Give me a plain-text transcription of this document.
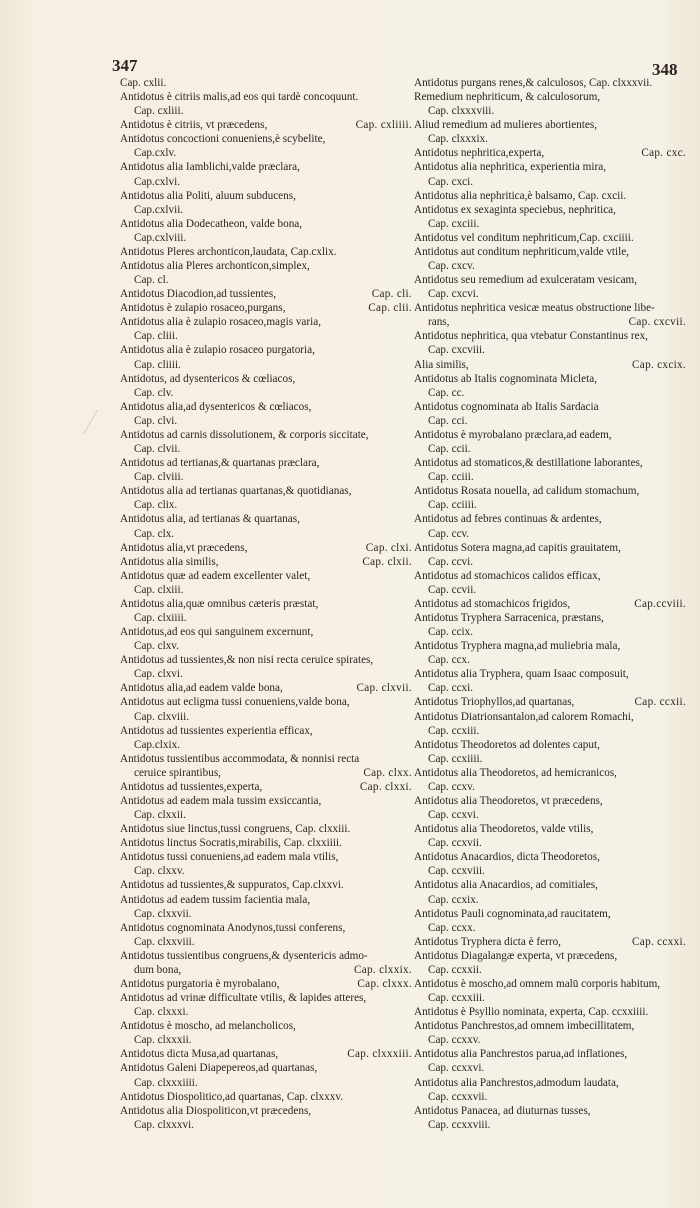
347	348
Cap. cxlii.
Antidotus è citriis malis,ad eos qui tardè concoquunt.
Cap. cxliii.
Antidotus è citriis, vt præcedens,	Cap. cxliiii.
Antidotus concoctioni conueniens,è scybelite,
Cap.cxlv.
Antidotus alia Iamblichi,valde præclara,
Cap.cxlvi.
Antidotus alia Politi, aluum subducens,
Cap.cxlvii.
Antidotus alia Dodecatheon, valde bona,
Cap.cxlviii.
Antidotus Pleres archonticon,laudata, Cap.cxlix.
Antidotus alia Pleres archonticon,simplex,
Cap. cl.
Antidotus Diacodion,ad tussientes,	Cap. cli.
Antidotus è zulapio rosaceo,purgans,	Cap. clii.
Antidotus alia è zulapio rosaceo,magis varia,
Cap. cliii.
Antidotus alia è zulapio rosaceo purgatoria,
Cap. cliiii.
Antidotus, ad dysentericos & cœliacos,
Cap. clv.
Antidotus alia,ad dysentericos & cœliacos,
Cap. clvi.
Antidotus ad carnis dissolutionem, & corporis siccitate,
Cap. clvii.
Antidotus ad tertianas,& quartanas præclara,
Cap. clviii.
Antidotus alia ad tertianas quartanas,& quotidianas,
Cap. clix.
Antidotus alia, ad tertianas & quartanas,
Cap. clx.
Antidotus alia,vt præcedens,	Cap. clxi.
Antidotus alia similis,	Cap. clxii.
Antidotus quæ ad eadem excellenter valet,
Cap. clxiii.
Antidotus alia,quæ omnibus cæteris præstat,
Cap. clxiiii.
Antidotus,ad eos qui sanguinem excernunt,
Cap. clxv.
Antidotus ad tussientes,& non nisi recta ceruice spirates,
Cap. clxvi.
Antidotus alia,ad eadem valde bona,	Cap. clxvii.
Antidotus aut ecligma tussi conueniens,valde bona,
Cap. clxviii.
Antidotus ad tussientes experientia efficax,
Cap.clxix.
Antidotus tussientibus accommodata, & nonnisi recta
ceruice spirantibus,	Cap. clxx.
Antidotus ad tussientes,experta,	Cap. clxxi.
Antidotus ad eadem mala tussim exsiccantia,
Cap. clxxii.
Antidotus siue linctus,tussi congruens, Cap. clxxiii.
Antidotus linctus Socratis,mirabilis, Cap. clxxiiii.
Antidotus tussi conueniens,ad eadem mala vtilis,
Cap. clxxv.
Antidotus ad tussientes,& suppuratos, Cap.clxxvi.
Antidotus ad eadem tussim facientia mala,
Cap. clxxvii.
Antidotus cognominata Anodynos,tussi conferens,
Cap. clxxviii.
Antidotus tussientibus congruens,& dysentericis admo-
dum bona,	Cap. clxxix.
Antidotus purgatoria è myrobalano,	Cap. clxxx.
Antidotus ad vrinæ difficultate vtilis, & lapides atteres,
Cap. clxxxi.
Antidotus è moscho, ad melancholicos,
Cap. clxxxii.
Antidotus dicta Musa,ad quartanas,	Cap. clxxxiii.
Antidotus Galeni Diapepereos,ad quartanas,
Cap. clxxxiiii.
Antidotus Diospolitico,ad quartanas, Cap. clxxxv.
Antidotus alia Diospoliticon,vt præcedens,
Cap. clxxxvi.
Antidotus purgans renes,& calculosos, Cap. clxxxvii.
Remedium nephriticum, & calculosorum,
Cap. clxxxviii.
Aliud remedium ad mulieres abortientes,
Cap. clxxxix.
Antidotus nephritica,experta,	Cap. cxc.
Antidotus alia nephritica, experientia mira,
Cap. cxci.
Antidotus alia nephritica,è balsamo, Cap. cxcii.
Antidotus ex sexaginta speciebus, nephritica,
Cap. cxciii.
Antidotus vel conditum nephriticum,Cap. cxciiii.
Antidotus aut conditum nephriticum,valde vtile,
Cap. cxcv.
Antidotus seu remedium ad exulceratam vesicam,
Cap. cxcvi.
Antidotus nephritica vesicæ meatus obstructione libe-
rans,	Cap. cxcvii.
Antidotus nephritica, qua vtebatur Constantinus rex,
Cap. cxcviii.
Alia similis,	Cap. cxcix.
Antidotus ab Italis cognominata Micleta,
Cap. cc.
Antidotus cognominata ab Italis Sardacia
Cap. cci.
Antidotus è myrobalano præclara,ad eadem,
Cap. ccii.
Antidotus ad stomaticos,& destillatione laborantes,
Cap. cciii.
Antidotus Rosata nouella, ad calidum stomachum,
Cap. cciiii.
Antidotus ad febres continuas & ardentes,
Cap. ccv.
Antidotus Sotera magna,ad capitis grauitatem,
Cap. ccvi.
Antidotus ad stomachicos calidos efficax,
Cap. ccvii.
Antidotus ad stomachicos frigidos,	Cap.ccviii.
Antidotus Tryphera Sarracenica, præstans,
Cap. ccix.
Antidotus Tryphera magna,ad muliebria mala,
Cap. ccx.
Antidotus alia Tryphera, quam Isaac composuit,
Cap. ccxi.
Antidotus Triophyllos,ad quartanas,	Cap. ccxii.
Antidotus Diatrionsantalon,ad calorem Romachi,
Cap. ccxiii.
Antidotus Theodoretos ad dolentes caput,
Cap. ccxiiii.
Antidotus alia Theodoretos, ad hemicranicos,
Cap. ccxv.
Antidotus alia Theodoretos, vt præcedens,
Cap. ccxvi.
Antidotus alia Theodoretos, valde vtilis,
Cap. ccxvii.
Antidotus Anacardios, dicta Theodoretos,
Cap. ccxviii.
Antidotus alia Anacardios, ad comitiales,
Cap. ccxix.
Antidotus Pauli cognominata,ad raucitatem,
Cap. ccxx.
Antidotus Tryphera dicta è ferro,	Cap. ccxxi.
Antidotus Diagalangæ experta, vt præcedens,
Cap. ccxxii.
Antidotus è moscho,ad omnem malū corporis habitum,
Cap. ccxxiii.
Antidotus è Psyllio nominata, experta, Cap. ccxxiiii.
Antidotus Panchrestos,ad omnem imbecillitatem,
Cap. ccxxv.
Antidotus alia Panchrestos parua,ad inflationes,
Cap. ccxxvi.
Antidotus alia Panchrestos,admodum laudata,
Cap. ccxxvii.
Antidotus Panacea, ad diuturnas tusses,
Cap. ccxxviii.
